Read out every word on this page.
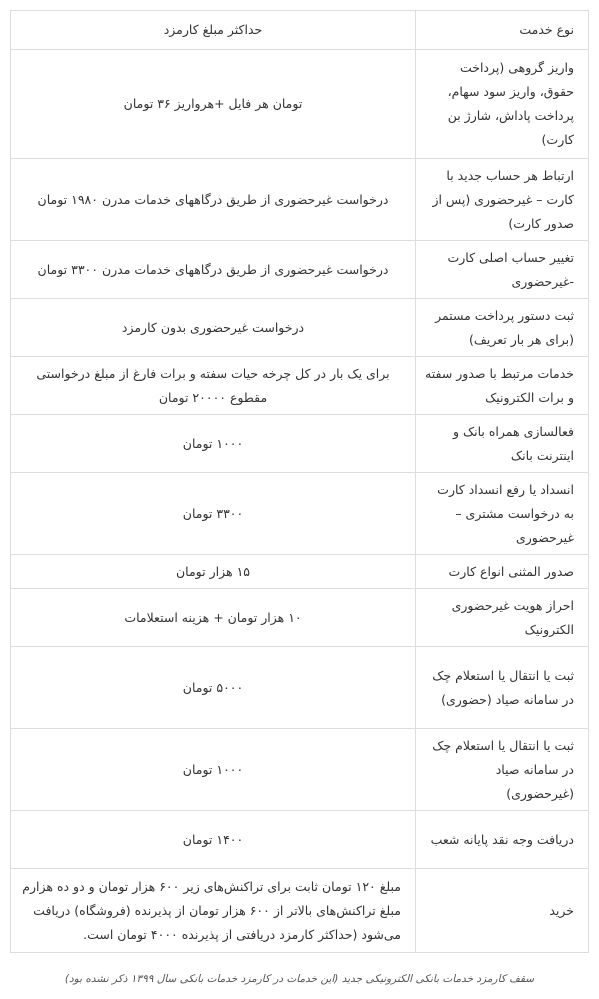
نوع خدمت	حداکثر مبلغ کارمزد
واریز گروهی (پرداخت حقوق، واریز سود سهام، پرداخت پاداش، شارژ بن کارت)	تومان هر فایل +هرواریز ۳۶ تومان
ارتباط هر حساب جدید با کارت – غیرحضوری (پس از صدور کارت)	درخواست غیرحضوری از طریق درگاههای خدمات مدرن ۱۹۸۰ تومان
تغییر حساب اصلی کارت -غیرحضوری	درخواست غیرحضوری از طریق درگاههای خدمات مدرن ۳۳۰۰ تومان
ثبت دستور پرداخت مستمر (برای هر بار تعریف)	درخواست غیرحضوری بدون کارمزد
خدمات مرتبط با صدور سفته و برات الکترونیک	برای یک بار در کل چرخه حیات سفته و برات فارغ از مبلغ درخواستی مقطوع ۲۰۰۰۰ تومان
فعالسازی همراه بانک و اینترنت بانک	۱۰۰۰ تومان
انسداد یا رفع انسداد کارت به درخواست مشتری – غیرحضوری	۳۳۰۰ تومان
صدور المثنی انواع کارت	۱۵ هزار تومان
احراز هویت غیرحضوری الکترونیک	۱۰ هزار تومان + هزینه استعلامات
ثبت یا انتقال یا استعلام چک در سامانه صیاد (حضوری)	۵۰۰۰ تومان
ثبت یا انتقال یا استعلام چک در سامانه صیاد (غیرحضوری)	۱۰۰۰ تومان
دریافت وجه نقد پایانه شعب	۱۴۰۰ تومان
خرید	مبلغ ۱۲۰ تومان ثابت برای تراکنش‌های زیر ۶۰۰ هزار تومان و دو ده هزارم مبلغ تراکنش‌های بالاتر از ۶۰۰ هزار تومان از پذیرنده (فروشگاه) دریافت می‌شود (حداکثر کارمزد دریافتی از پذیرنده ۴۰۰۰ تومان است.
سقف کارمزد خدمات بانکی الکترونیکی جدید (این خدمات در کارمزد خدمات بانکی سال ۱۳۹۹ ذکر نشده بود)
